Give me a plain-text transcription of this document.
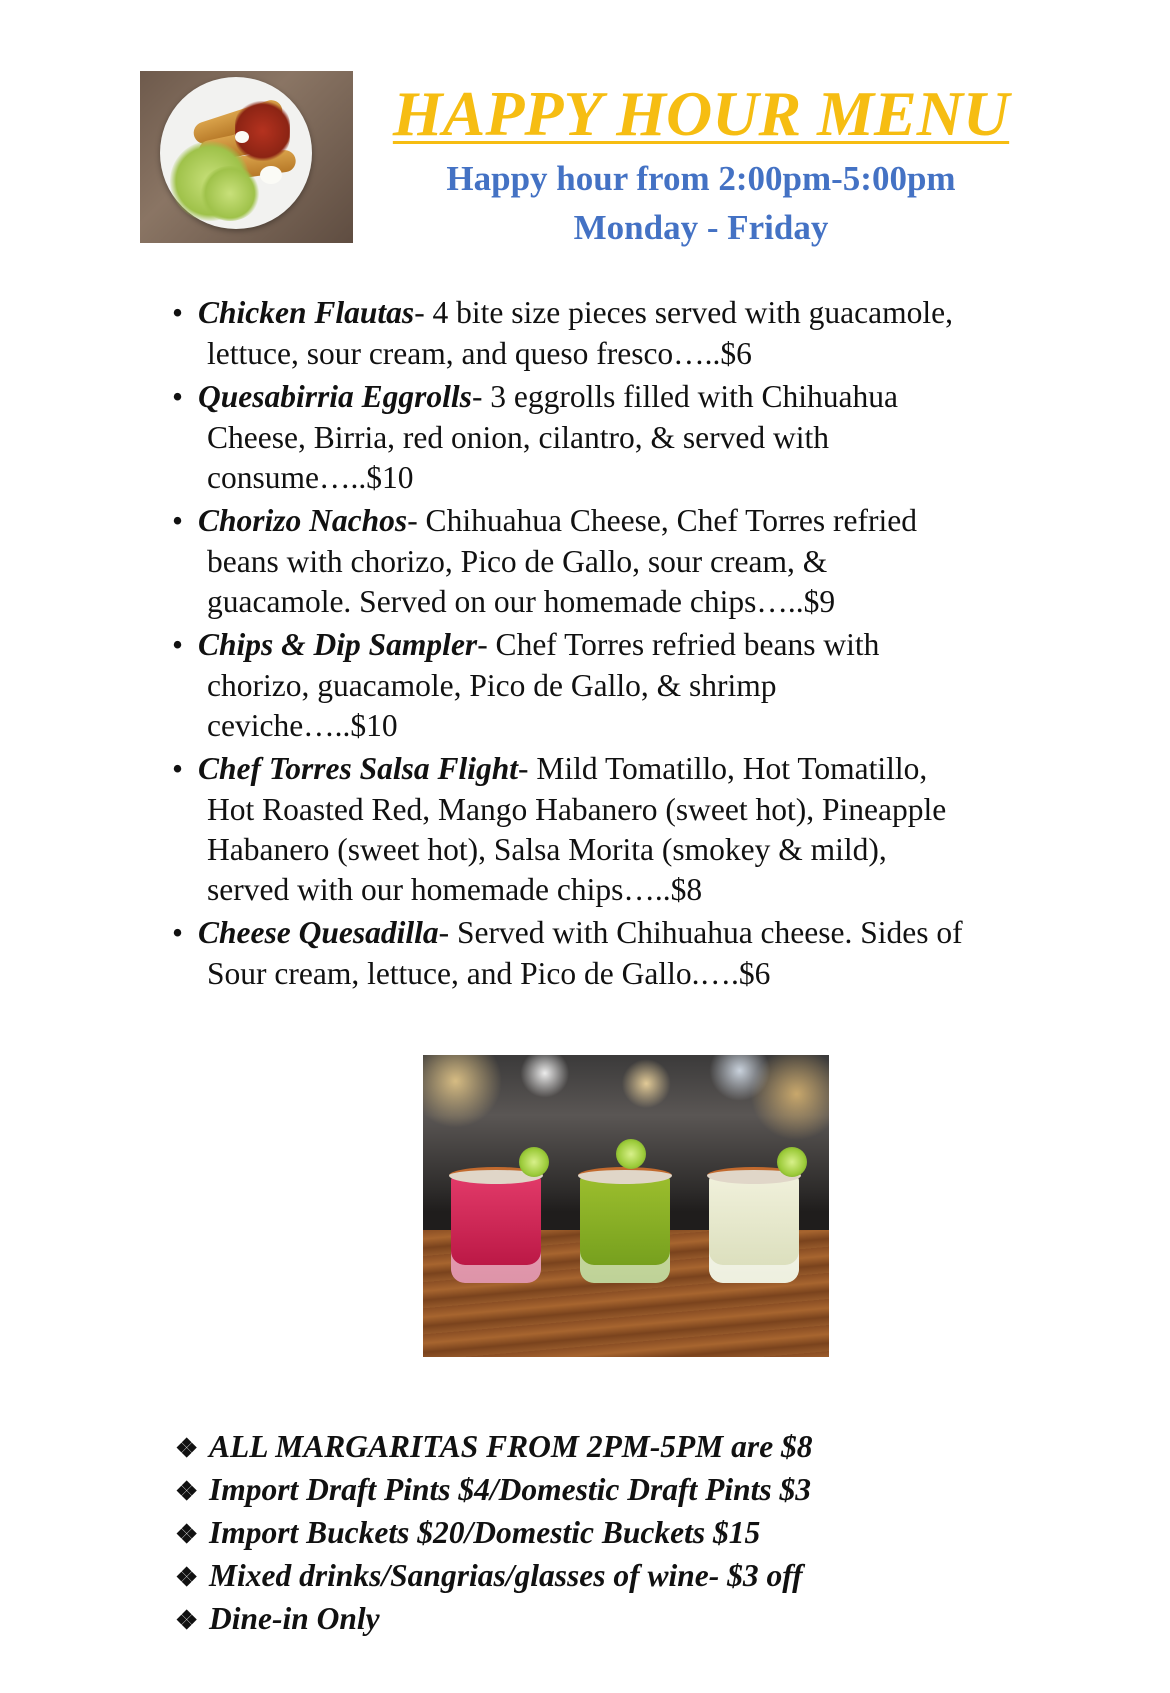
HAPPY HOUR MENU
Happy hour from 2:00pm-5:00pm
Monday - Friday
• Chicken Flautas- 4 bite size pieces served with guacamole,
lettuce, sour cream, and queso fresco…..$6
• Quesabirria Eggrolls- 3 eggrolls filled with Chihuahua
Cheese, Birria, red onion, cilantro, & served with
consume…..$10
• Chorizo Nachos- Chihuahua Cheese, Chef Torres refried
beans with chorizo, Pico de Gallo, sour cream, &
guacamole. Served on our homemade chips…..$9
• Chips & Dip Sampler- Chef Torres refried beans with
chorizo, guacamole, Pico de Gallo, & shrimp
ceviche…..$10
• Chef Torres Salsa Flight- Mild Tomatillo, Hot Tomatillo,
Hot Roasted Red, Mango Habanero (sweet hot), Pineapple
Habanero (sweet hot), Salsa Morita (smokey & mild),
served with our homemade chips…..$8
• Cheese Quesadilla- Served with Chihuahua cheese. Sides of
Sour cream, lettuce, and Pico de Gallo.….$6
❖ ALL MARGARITAS FROM 2PM-5PM are $8
❖ Import Draft Pints $4/Domestic Draft Pints $3
❖ Import Buckets $20/Domestic Buckets $15
❖ Mixed drinks/Sangrias/glasses of wine- $3 off
❖ Dine-in Only
